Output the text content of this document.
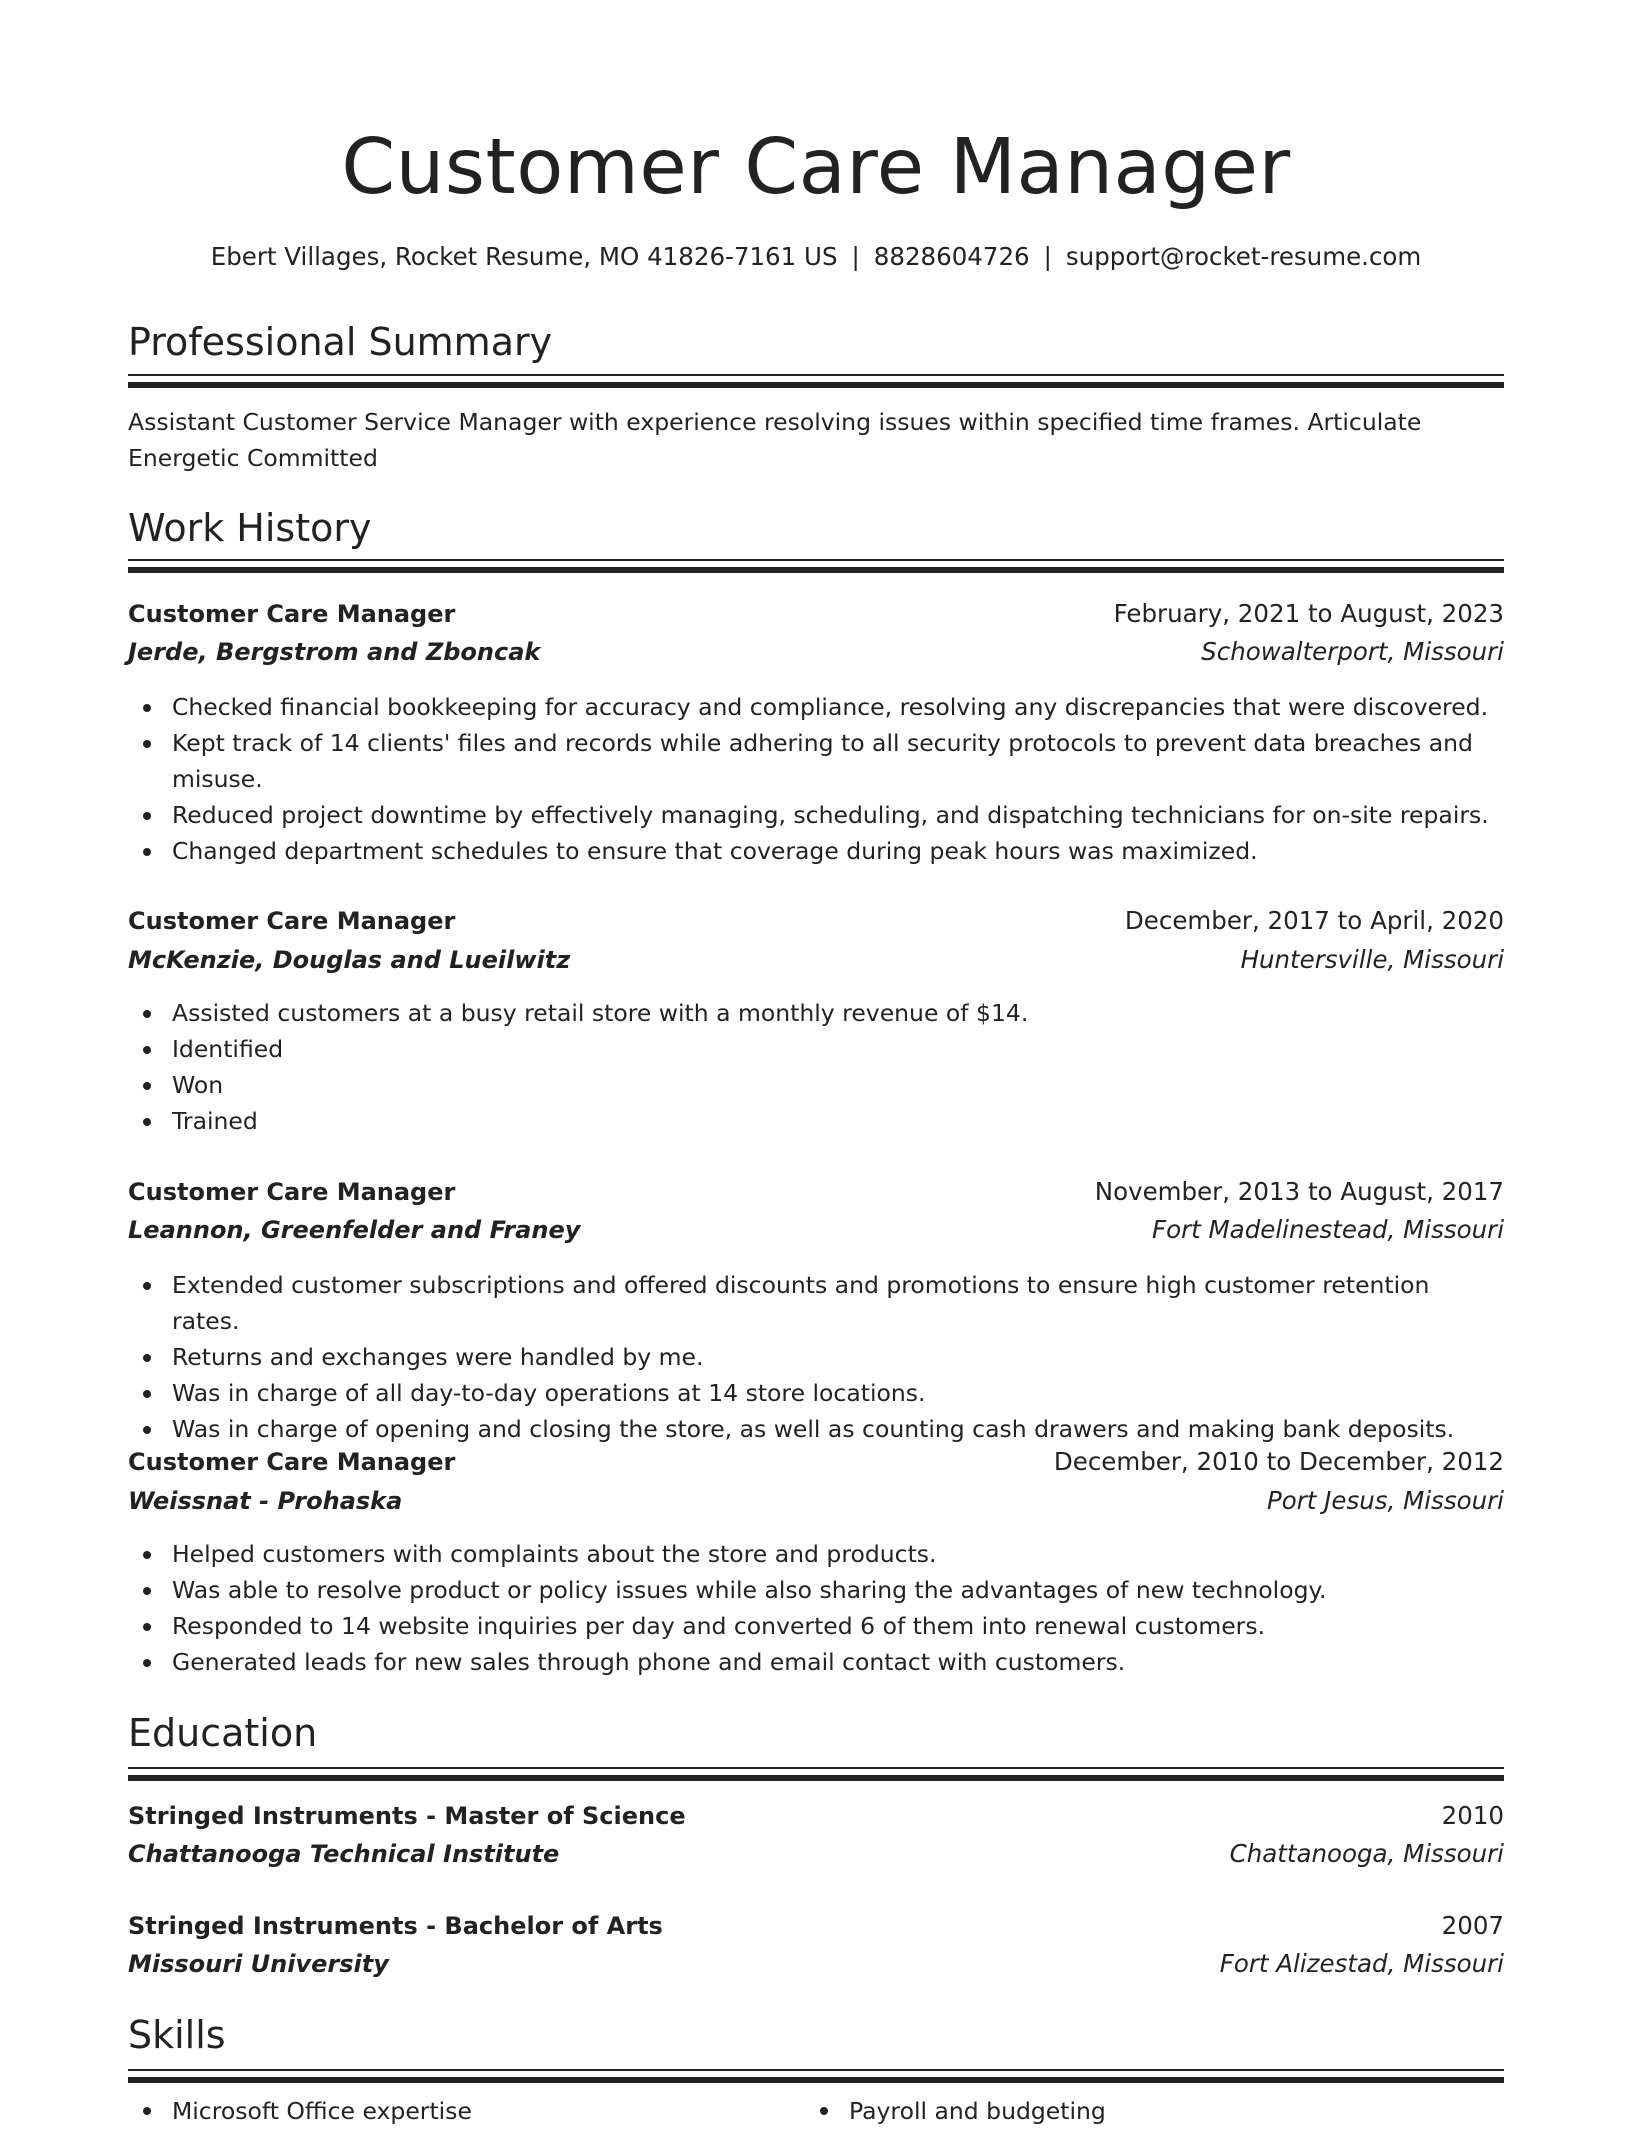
Customer Care Manager
Ebert Villages, Rocket Resume, MO 41826-7161 US | 8828604726 | support@rocket-resume.com
Professional Summary

Assistant Customer Service Manager with experience resolving issues within specified time frames. Articulate Energetic Committed

Work History
Customer Care Manager	February, 2021 to August, 2023
Jerde, Bergstrom and Zboncak	Schowalterport, Missouri
Checked financial bookkeeping for accuracy and compliance, resolving any discrepancies that were discovered.
Kept track of 14 clients' files and records while adhering to all security protocols to prevent data breaches and misuse.
Reduced project downtime by effectively managing, scheduling, and dispatching technicians for on-site repairs.
Changed department schedules to ensure that coverage during peak hours was maximized.
Customer Care Manager	December, 2017 to April, 2020
McKenzie, Douglas and Lueilwitz	Huntersville, Missouri
Assisted customers at a busy retail store with a monthly revenue of $14.
Identified
Won
Trained
Customer Care Manager	November, 2013 to August, 2017
Leannon, Greenfelder and Franey	Fort Madelinestead, Missouri
Extended customer subscriptions and offered discounts and promotions to ensure high customer retention rates.
Returns and exchanges were handled by me.
Was in charge of all day-to-day operations at 14 store locations.
Was in charge of opening and closing the store, as well as counting cash drawers and making bank deposits.
Customer Care Manager	December, 2010 to December, 2012
Weissnat - Prohaska	Port Jesus, Missouri
Helped customers with complaints about the store and products.
Was able to resolve product or policy issues while also sharing the advantages of new technology.
Responded to 14 website inquiries per day and converted 6 of them into renewal customers.
Generated leads for new sales through phone and email contact with customers.
Education
Stringed Instruments - Master of Science	2010
Chattanooga Technical Institute	Chattanooga, Missouri
Stringed Instruments - Bachelor of Arts	2007
Missouri University	Fort Alizestad, Missouri
Skills
Microsoft Office expertise	Payroll and budgeting
